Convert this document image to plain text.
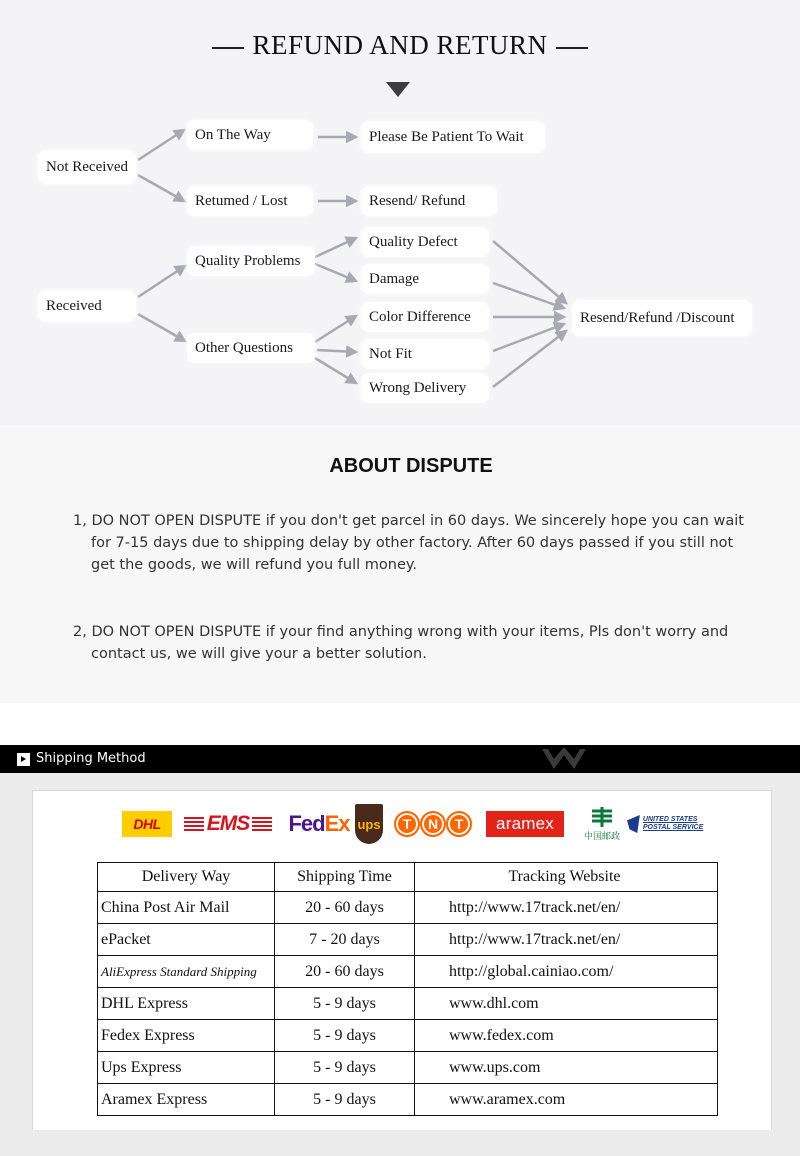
REFUND AND RETURN
Not Received
On The Way	Please Be Patient To Wait
Retumed / Lost	Resend/ Refund
Received
Quality Problems
Other Questions
Quality Defect
Damage
Color Difference
Not Fit
Wrong Delivery
Resend/Refund /Discount
ABOUT DISPUTE

1, DO NOT OPEN DISPUTE if you don't get parcel in 60 days. We sincerely hope you can wait
for 7-15 days due to shipping delay by other factory. After 60 days passed if you still not
get the goods, we will refund you full money.

2, DO NOT OPEN DISPUTE if your find anything wrong with your items, Pls don't worry and
contact us, we will give your a better solution.

Shipping Method
DHL	EMS	Fed Ex ups	T	N	T	aramex
中国邮政
UNITED STATES POSTAL SERVICE
Delivery Way	Shipping Time	Tracking Website
China Post Air Mail	20 - 60 days	http://www.17track.net/en/
ePacket	7 - 20 days	http://www.17track.net/en/
AliExpress Standard Shipping	20 - 60 days	http://global.cainiao.com/
DHL Express	5 - 9 days	www.dhl.com
Fedex Express	5 - 9 days	www.fedex.com
Ups Express	5 - 9 days	www.ups.com
Aramex Express	5 - 9 days	www.aramex.com
